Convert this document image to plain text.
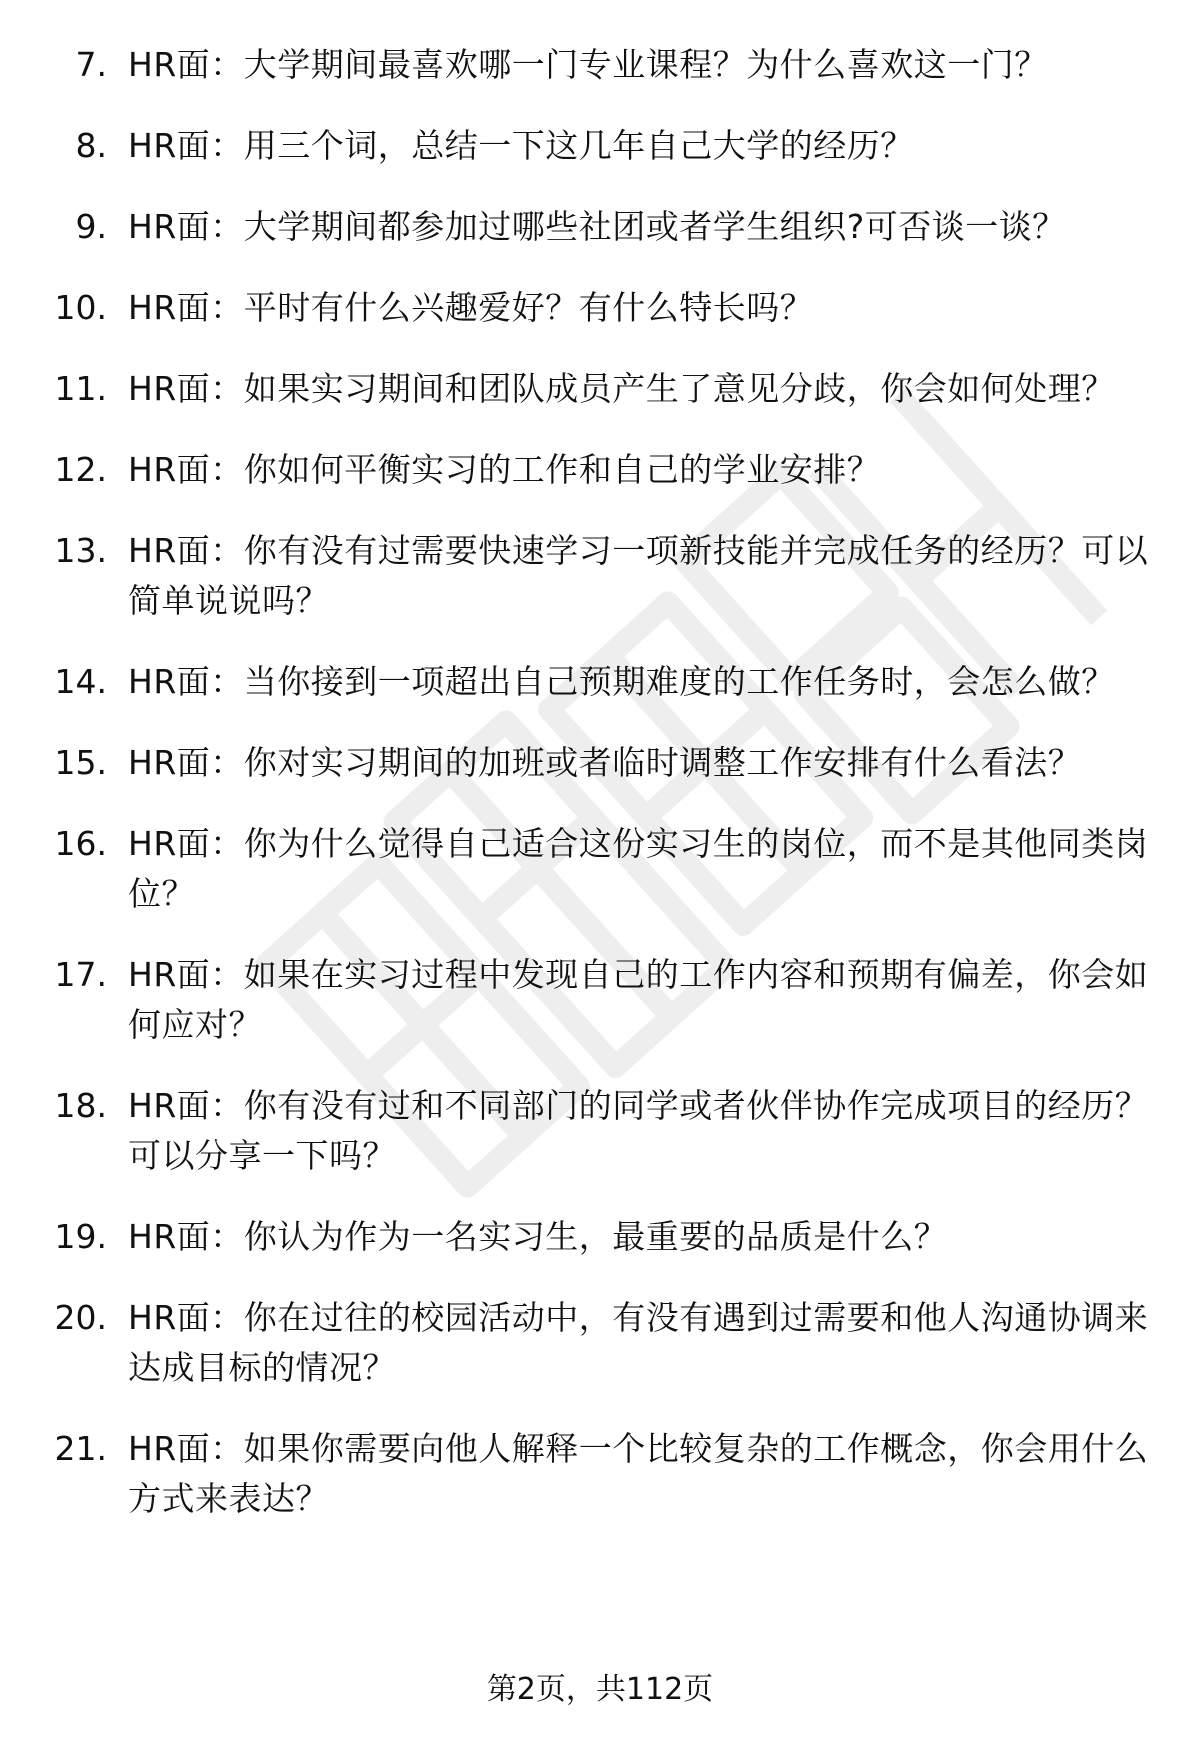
7. HR面：大学期间最喜欢哪一门专业课程？为什么喜欢这一门？
8. HR面：用三个词，总结一下这几年自己大学的经历？
9. HR面：大学期间都参加过哪些社团或者学生组织?可否谈一谈？
10. HR面：平时有什么兴趣爱好？有什么特长吗？
11. HR面：如果实习期间和团队成员产生了意见分歧，你会如何处理？
12. HR面：你如何平衡实习的工作和自己的学业安排？
13. HR面：你有没有过需要快速学习一项新技能并完成任务的经历？可以简单说说吗？
14. HR面：当你接到一项超出自己预期难度的工作任务时，会怎么做？
15. HR面：你对实习期间的加班或者临时调整工作安排有什么看法？
16. HR面：你为什么觉得自己适合这份实习生的岗位，而不是其他同类岗位？
17. HR面：如果在实习过程中发现自己的工作内容和预期有偏差，你会如何应对？
18. HR面：你有没有过和不同部门的同学或者伙伴协作完成项目的经历？可以分享一下吗？
19. HR面：你认为作为一名实习生，最重要的品质是什么？
20. HR面：你在过往的校园活动中，有没有遇到过需要和他人沟通协调来达成目标的情况？
21. HR面：如果你需要向他人解释一个比较复杂的工作概念，你会用什么方式来表达？
第2页，共112页
